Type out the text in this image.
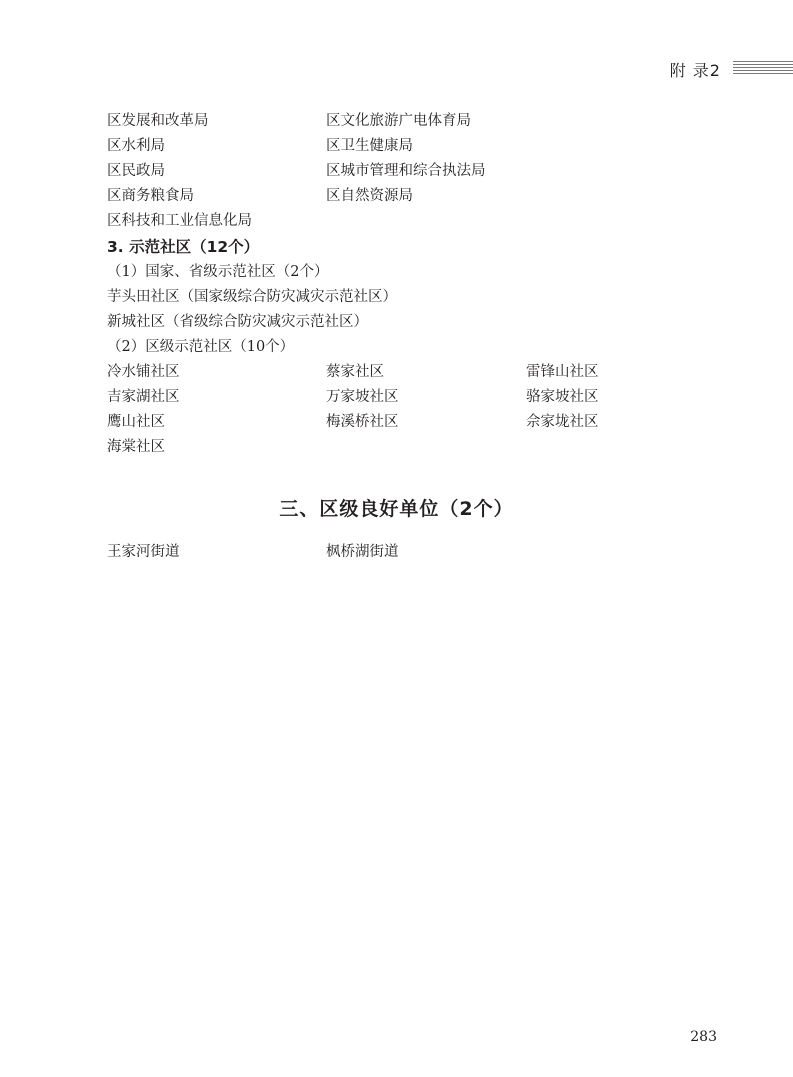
附 录2
区发展和改革局	区文化旅游广电体育局
区水利局	区卫生健康局
区民政局	区城市管理和综合执法局
区商务粮食局	区自然资源局
区科技和工业信息化局
3. 示范社区（12个）
（1）国家、省级示范社区（2个）
芋头田社区（国家级综合防灾减灾示范社区）
新城社区（省级综合防灾减灾示范社区）
（2）区级示范社区（10个）
冷水铺社区	蔡家社区	雷锋山社区
吉家湖社区	万家坡社区	骆家坡社区
鹰山社区	梅溪桥社区	佘家垅社区
海棠社区
三、区级良好单位（2个）
王家河街道	枫桥湖街道
283
